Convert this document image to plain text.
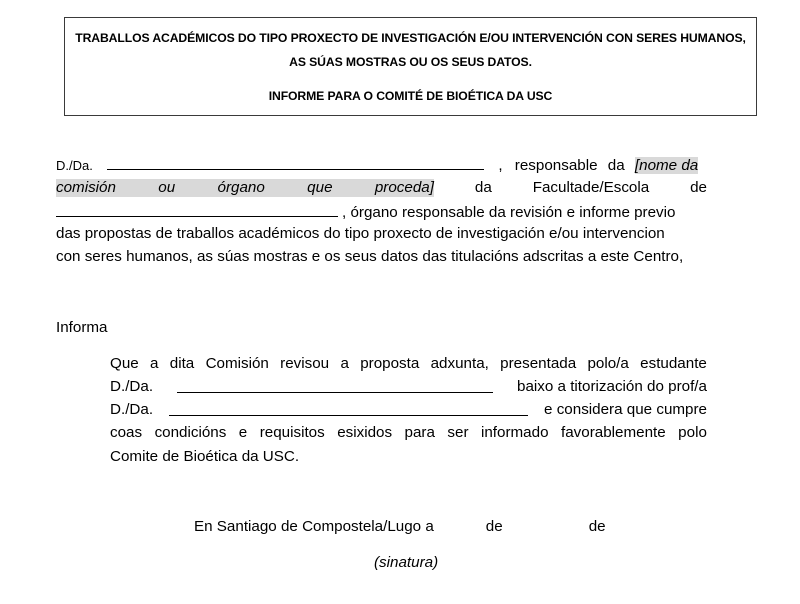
TRABALLOS ACADÉMICOS DO TIPO PROXECTO DE INVESTIGACIÓN E/OU INTERVENCIÓN CON SERES HUMANOS,
AS SÚAS MOSTRAS OU OS SEUS DATOS.
INFORME PARA O COMITÉ DE BIOÉTICA DA USC
D./Da.	, responsable da [nome da
comisión	ou	órgano	que	proceda]	da	Facultade/Escola	de
, órgano responsable da revisión e informe previo
das propostas de traballos académicos do tipo proxecto de investigación e/ou intervencion
con seres humanos, as súas mostras e os seus datos das titulacións adscritas a este Centro,
Informa
Que a dita Comisión revisou a proposta adxunta, presentada polo/a estudante
D./Da.	baixo a titorización do prof/a
D./Da.	e considera que cumpre
coas condicións e requisitos esixidos para ser informado favorablemente polo
Comite de Bioética da USC.
En Santiago de Compostela/Lugo a	de	de
(sinatura)
